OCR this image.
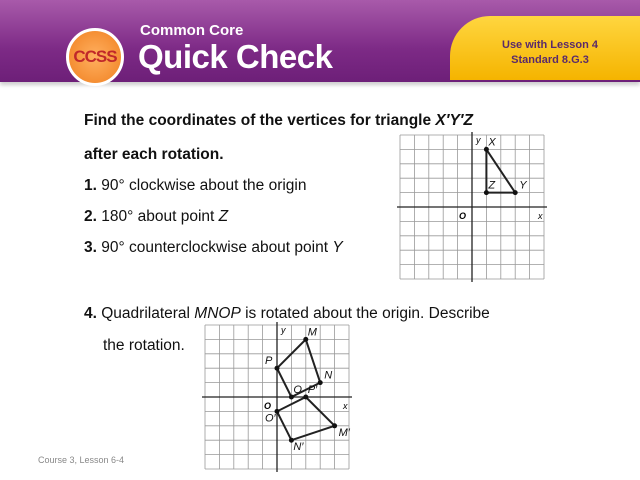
CCSS
Common Core
Quick Check	Use with Lesson 4
Standard 8.G.3
Find the coordinates of the vertices for triangle X′Y′Z
after each rotation.
1. 90° clockwise about the origin
2. 180° about point Z
3. 90° counterclockwise about point Y
4. Quadrilateral MNOP is rotated about the origin. Describe
the rotation.
x
y
O
X
Y
Z
x
y
O
M
N
O
P
M′
N′
O′
P′
Course 3, Lesson 6-4
